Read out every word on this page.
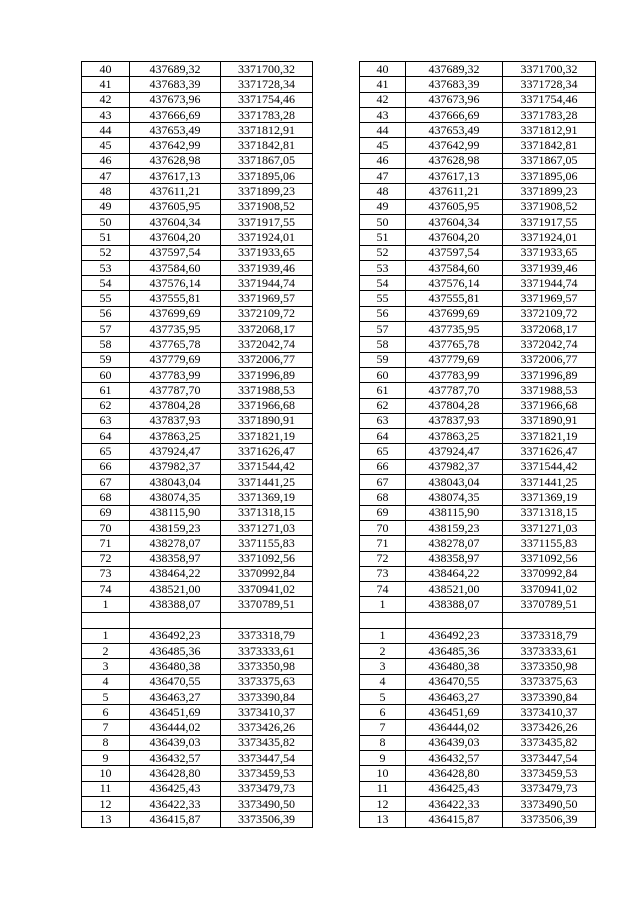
40	437689,32	3371700,32		40	437689,32	3371700,32
41	437683,39	3371728,34		41	437683,39	3371728,34
42	437673,96	3371754,46		42	437673,96	3371754,46
43	437666,69	3371783,28		43	437666,69	3371783,28
44	437653,49	3371812,91		44	437653,49	3371812,91
45	437642,99	3371842,81		45	437642,99	3371842,81
46	437628,98	3371867,05		46	437628,98	3371867,05
47	437617,13	3371895,06		47	437617,13	3371895,06
48	437611,21	3371899,23		48	437611,21	3371899,23
49	437605,95	3371908,52		49	437605,95	3371908,52
50	437604,34	3371917,55		50	437604,34	3371917,55
51	437604,20	3371924,01		51	437604,20	3371924,01
52	437597,54	3371933,65		52	437597,54	3371933,65
53	437584,60	3371939,46		53	437584,60	3371939,46
54	437576,14	3371944,74		54	437576,14	3371944,74
55	437555,81	3371969,57		55	437555,81	3371969,57
56	437699,69	3372109,72		56	437699,69	3372109,72
57	437735,95	3372068,17		57	437735,95	3372068,17
58	437765,78	3372042,74		58	437765,78	3372042,74
59	437779,69	3372006,77		59	437779,69	3372006,77
60	437783,99	3371996,89		60	437783,99	3371996,89
61	437787,70	3371988,53		61	437787,70	3371988,53
62	437804,28	3371966,68		62	437804,28	3371966,68
63	437837,93	3371890,91		63	437837,93	3371890,91
64	437863,25	3371821,19		64	437863,25	3371821,19
65	437924,47	3371626,47		65	437924,47	3371626,47
66	437982,37	3371544,42		66	437982,37	3371544,42
67	438043,04	3371441,25		67	438043,04	3371441,25
68	438074,35	3371369,19		68	438074,35	3371369,19
69	438115,90	3371318,15		69	438115,90	3371318,15
70	438159,23	3371271,03		70	438159,23	3371271,03
71	438278,07	3371155,83		71	438278,07	3371155,83
72	438358,97	3371092,56		72	438358,97	3371092,56
73	438464,22	3370992,84		73	438464,22	3370992,84
74	438521,00	3370941,02		74	438521,00	3370941,02
1	438388,07	3370789,51		1	438388,07	3370789,51

1	436492,23	3373318,79		1	436492,23	3373318,79
2	436485,36	3373333,61		2	436485,36	3373333,61
3	436480,38	3373350,98		3	436480,38	3373350,98
4	436470,55	3373375,63		4	436470,55	3373375,63
5	436463,27	3373390,84		5	436463,27	3373390,84
6	436451,69	3373410,37		6	436451,69	3373410,37
7	436444,02	3373426,26		7	436444,02	3373426,26
8	436439,03	3373435,82		8	436439,03	3373435,82
9	436432,57	3373447,54		9	436432,57	3373447,54
10	436428,80	3373459,53		10	436428,80	3373459,53
11	436425,43	3373479,73		11	436425,43	3373479,73
12	436422,33	3373490,50		12	436422,33	3373490,50
13	436415,87	3373506,39		13	436415,87	3373506,39
